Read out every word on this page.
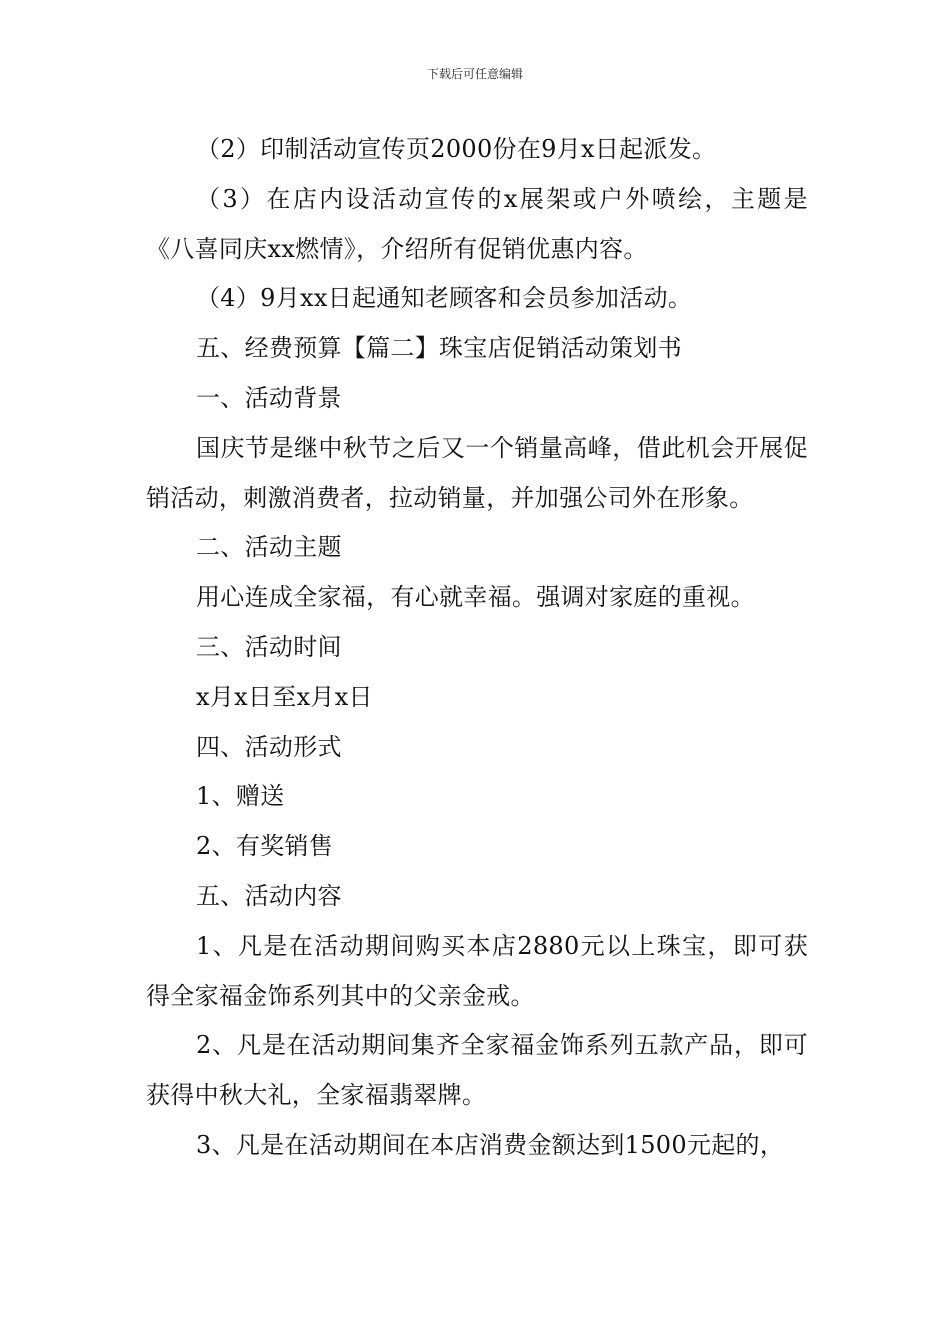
下载后可任意编辑

（2）印制活动宣传页2000份在9月x日起派发。

（3）在店内设活动宣传的x展架或户外喷绘，主题是《八喜同庆xx燃情》，介绍所有促销优惠内容。

（4）9月xx日起通知老顾客和会员参加活动。

五、经费预算【篇二】珠宝店促销活动策划书

一、活动背景

国庆节是继中秋节之后又一个销量高峰，借此机会开展促销活动，刺激消费者，拉动销量，并加强公司外在形象。

二、活动主题

用心连成全家福，有心就幸福。强调对家庭的重视。

三、活动时间

x月x日至x月x日

四、活动形式

1、赠送

2、有奖销售

五、活动内容

1、凡是在活动期间购买本店2880元以上珠宝，即可获得全家福金饰系列其中的父亲金戒。

2、凡是在活动期间集齐全家福金饰系列五款产品，即可获得中秋大礼，全家福翡翠牌。

3、凡是在活动期间在本店消费金额达到1500元起的，
